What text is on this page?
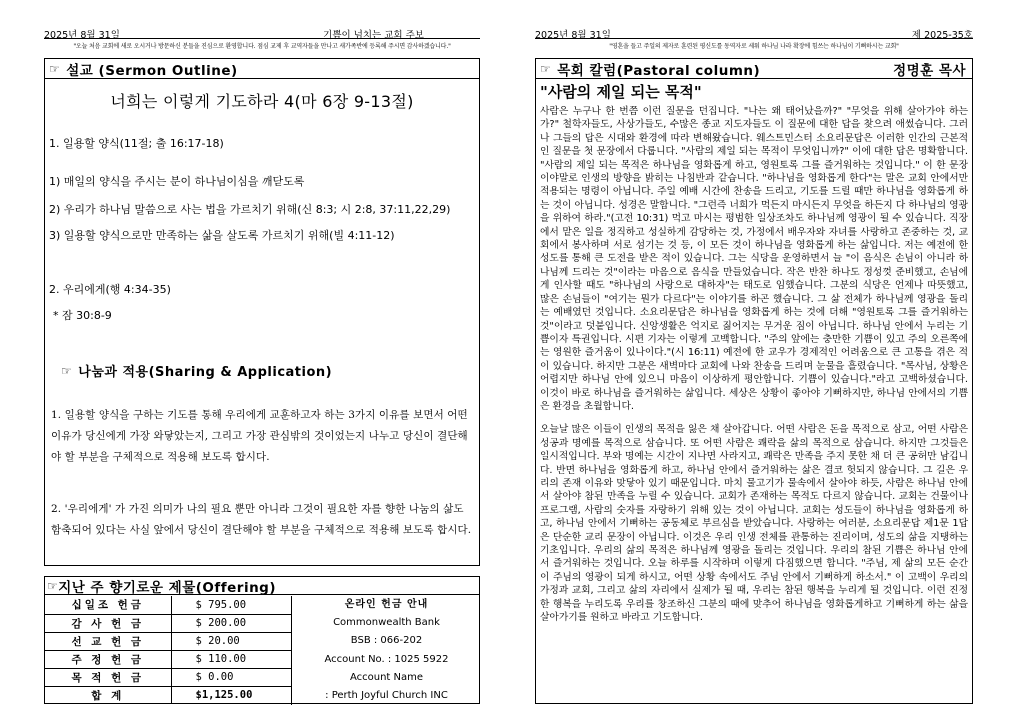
2025년 8월 31일	기쁨이 넘치는 교회 주보
"오늘 처음 교회에 새로 오시거나 방문하신 분들을 진심으로 환영합니다. 점심 교제 후 교역자들을 만나고 새가족반에 등록해 주시면 감사하겠습니다."
☞ 설교 (Sermon Outline)
너희는 이렇게 기도하라 4(마 6장 9-13절)
1. 일용할 양식(11절; 출 16:17-18)
1) 매일의 양식을 주시는 분이 하나님이심을 깨닫도록
2) 우리가 하나님 말씀으로 사는 법을 가르치기 위해(신 8:3; 시 2:8, 37:11,22,29)
3) 일용할 양식으로만 만족하는 삶을 살도록 가르치기 위해(빌 4:11-12)
2. 우리에게(행 4:34-35)
* 잠 30:8-9
☞ 나눔과 적용(Sharing & Application)
1. 일용할 양식을 구하는 기도를 통해 우리에게 교훈하고자 하는 3가지 이유를 보면서 어떤 이유가 당신에게 가장 와닿았는지, 그리고 가장 관심밖의 것이었는지 나누고 당신이 결단해야 할 부분을 구체적으로 적용해 보도록 합시다.
2. '우리에게' 가 가진 의미가 나의 필요 뿐만 아니라 그것이 필요한 자를 향한 나눔의 삶도 함축되어 있다는 사실 앞에서 당신이 결단해야 할 부분을 구체적으로 적용해 보도록 합시다.
☞ 지난 주 향기로운 제물(Offering)
십일조 헌금	$ 795.00
감 사 헌 금	$ 200.00
선 교 헌 금	$ 20.00
주 정 헌 금	$ 110.00
목 적 헌 금	$ 0.00
합 계	$1,125.00
온라인 헌금 안내
Commonwealth Bank
BSB : 066-202
Account No. : 1025 5922
Account Name
: Perth Joyful Church INC
2025년 8월 31일	제 2025-35호
"영혼을 들고 주일의 제자로 훈련된 평신도를 동역자로 세워 하나님 나라 확장에 힘쓰는 하나님이 기뻐하시는 교회"
☞ 목회 칼럼(Pastoral column)	정명훈 목사
"사람의 제일 되는 목적"
사람은 누구나 한 번쯤 이런 질문을 던집니다. "나는 왜 태어났을까?" "무엇을 위해 살아가야 하는가?" 철학자들도, 사상가들도, 수많은 종교 지도자들도 이 질문에 대한 답을 찾으려 애썼습니다. 그러나 그들의 답은 시대와 환경에 따라 변해왔습니다. 웨스트민스터 소요리문답은 이러한 인간의 근본적인 질문을 첫 문장에서 다룹니다. "사람의 제일 되는 목적이 무엇입니까?" 이에 대한 답은 명확합니다. "사람의 제일 되는 목적은 하나님을 영화롭게 하고, 영원토록 그를 즐거워하는 것입니다." 이 한 문장이야말로 인생의 방향을 밝히는 나침반과 같습니다. "하나님을 영화롭게 한다"는 말은 교회 안에서만 적용되는 명령이 아닙니다. 주일 예배 시간에 찬송을 드리고, 기도를 드릴 때만 하나님을 영화롭게 하는 것이 아닙니다. 성경은 말합니다. "그런즉 너희가 먹든지 마시든지 무엇을 하든지 다 하나님의 영광을 위하여 하라."(고전 10:31) 먹고 마시는 평범한 일상조차도 하나님께 영광이 될 수 있습니다. 직장에서 맡은 일을 정직하고 성실하게 감당하는 것, 가정에서 배우자와 자녀를 사랑하고 존중하는 것, 교회에서 봉사하며 서로 섬기는 것 등, 이 모든 것이 하나님을 영화롭게 하는 삶입니다. 저는 예전에 한 성도를 통해 큰 도전을 받은 적이 있습니다. 그는 식당을 운영하면서 늘 "이 음식은 손님이 아니라 하나님께 드리는 것"이라는 마음으로 음식을 만들었습니다. 작은 반찬 하나도 정성껏 준비했고, 손님에게 인사할 때도 "하나님의 사랑으로 대하자"는 태도로 임했습니다. 그분의 식당은 언제나 따뜻했고, 많은 손님들이 "여기는 뭔가 다르다"는 이야기를 하곤 했습니다. 그 삶 전체가 하나님께 영광을 돌리는 예배였던 것입니다. 소요리문답은 하나님을 영화롭게 하는 것에 더해 "영원토록 그를 즐거워하는 것"이라고 덧붙입니다. 신앙생활은 억지로 짊어지는 무거운 짐이 아닙니다. 하나님 안에서 누리는 기쁨이자 특권입니다. 시편 기자는 이렇게 고백합니다. "주의 앞에는 충만한 기쁨이 있고 주의 오른쪽에는 영원한 즐거움이 있나이다."(시 16:11) 예전에 한 교우가 경제적인 어려움으로 큰 고통을 겪은 적이 있습니다. 하지만 그분은 새벽마다 교회에 나와 찬송을 드리며 눈물을 흘렸습니다. "목사님, 상황은 어렵지만 하나님 안에 있으니 마음이 이상하게 평안합니다. 기쁨이 있습니다."라고 고백하셨습니다. 이것이 바로 하나님을 즐거워하는 삶입니다. 세상은 상황이 좋아야 기뻐하지만, 하나님 안에서의 기쁨은 환경을 초월합니다.
오늘날 많은 이들이 인생의 목적을 잃은 채 살아갑니다. 어떤 사람은 돈을 목적으로 삼고, 어떤 사람은 성공과 명예를 목적으로 삼습니다. 또 어떤 사람은 쾌락을 삶의 목적으로 삼습니다. 하지만 그것들은 일시적입니다. 부와 명예는 시간이 지나면 사라지고, 쾌락은 만족을 주지 못한 채 더 큰 공허만 남깁니다. 반면 하나님을 영화롭게 하고, 하나님 안에서 즐거워하는 삶은 결코 헛되지 않습니다. 그 길은 우리의 존재 이유와 맞닿아 있기 때문입니다. 마치 물고기가 물속에서 살아야 하듯, 사람은 하나님 안에서 살아야 참된 만족을 누릴 수 있습니다. 교회가 존재하는 목적도 다르지 않습니다. 교회는 건물이나 프로그램, 사람의 숫자를 자랑하기 위해 있는 것이 아닙니다. 교회는 성도들이 하나님을 영화롭게 하고, 하나님 안에서 기뻐하는 공동체로 부르심을 받았습니다. 사랑하는 여러분, 소요리문답 제1문 1답은 단순한 교리 문장이 아닙니다. 이것은 우리 인생 전체를 관통하는 진리이며, 성도의 삶을 지탱하는 기초입니다. 우리의 삶의 목적은 하나님께 영광을 돌리는 것입니다. 우리의 참된 기쁨은 하나님 안에서 즐거워하는 것입니다. 오늘 하루를 시작하며 이렇게 다짐했으면 합니다. "주님, 제 삶의 모든 순간이 주님의 영광이 되게 하시고, 어떤 상황 속에서도 주님 안에서 기뻐하게 하소서." 이 고백이 우리의 가정과 교회, 그리고 삶의 자리에서 실제가 될 때, 우리는 참된 행복을 누리게 될 것입니다. 이런 진정한 행복을 누리도록 우리를 창조하신 그분의 때에 맞추어 하나님을 영화롭게하고 기뻐하게 하는 삶을 살아가기를 원하고 바라고 기도합니다.
